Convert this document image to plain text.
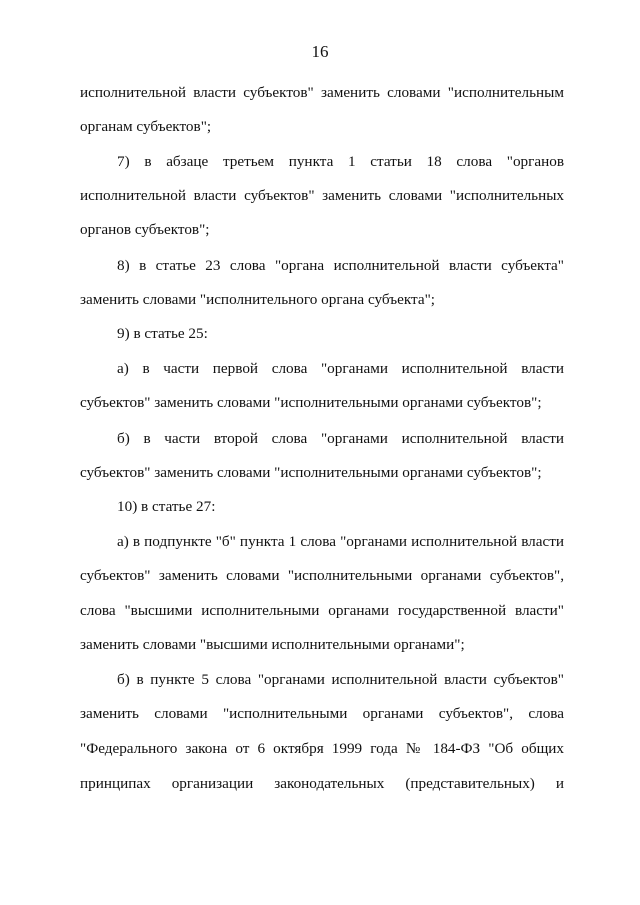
16
исполнительной власти субъектов" заменить словами "исполнительным
органам субъектов";
7) в абзаце третьем пункта 1 статьи 18 слова "органов
исполнительной власти субъектов" заменить словами "исполнительных
органов субъектов";
8) в статье 23 слова "органа исполнительной власти субъекта"
заменить словами "исполнительного органа субъекта";
9) в статье 25:
а) в части первой слова "органами исполнительной власти
субъектов" заменить словами "исполнительными органами субъектов";
б) в части второй слова "органами исполнительной власти
субъектов" заменить словами "исполнительными органами субъектов";
10) в статье 27:
а) в подпункте "б" пункта 1 слова "органами исполнительной власти
субъектов" заменить словами "исполнительными органами субъектов",
слова "высшими исполнительными органами государственной власти"
заменить словами "высшими исполнительными органами";
б) в пункте 5 слова "органами исполнительной власти субъектов"
заменить словами "исполнительными органами субъектов", слова
"Федерального закона от 6 октября 1999 года № 184-ФЗ "Об общих
принципах организации законодательных (представительных) и
